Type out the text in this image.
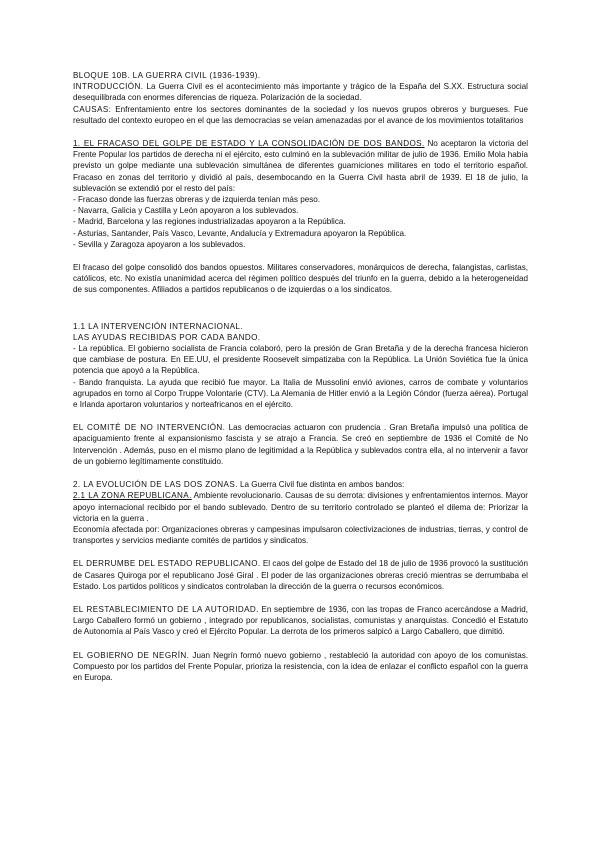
BLOQUE 10B. LA GUERRA CIVIL (1936-1939).

INTRODUCCIÓN. La Guerra Civil es el acontecimiento más importante y trágico de la España del S.XX. Estructura social desequilibrada con enormes diferencias de riqueza. Polarización de la sociedad.

CAUSAS: Enfrentamiento entre los sectores dominantes de la sociedad y los nuevos grupos obreros y burgueses. Fue resultado del contexto europeo en el que las democracias se veían amenazadas por el avance de los movimientos totalitarios

1. EL FRACASO DEL GOLPE DE ESTADO Y LA CONSOLIDACIÓN DE DOS BANDOS. No aceptaron la victoria del Frente Popular los partidos de derecha ni el ejército, esto culminó en la sublevación militar de julio de 1936. Emilio Mola había previsto un golpe mediante una sublevación simultánea de diferentes guarniciones militares en todo el territorio español. Fracaso en zonas del territorio y dividió al país, desembocando en la Guerra Civil hasta abril de 1939. El 18 de julio, la sublevación se extendió por el resto del país:

- Fracaso donde las fuerzas obreras y de izquierda tenían más peso.

- Navarra, Galicia y Castilla y León apoyaron a los sublevados.

- Madrid, Barcelona y las regiones industrializadas apoyaron a la República.

- Asturias, Santander, País Vasco, Levante, Andalucía y Extremadura apoyaron la República.

- Sevilla y Zaragoza apoyaron a los sublevados.

El fracaso del golpe consolidó dos bandos opuestos. Militares conservadores, monárquicos de derecha, falangistas, carlistas, católicos, etc. No existía unanimidad acerca del régimen político después del triunfo en la guerra, debido a la heterogeneidad de sus componentes. Afiliados a partidos republicanos o de izquierdas o a los sindicatos.

1.1 LA INTERVENCIÓN INTERNACIONAL.

LAS AYUDAS RECIBIDAS POR CADA BANDO.

- La república. El gobierno socialista de Francia colaboró, pero la presión de Gran Bretaña y de la derecha francesa hicieron que cambiase de postura. En EE.UU, el presidente Roosevelt simpatizaba con la República. La Unión Soviética fue la única potencia que apoyó a la República.

- Bando franquista. La ayuda que recibió fue mayor. La Italia de Mussolini envió aviones, carros de combate y voluntarios agrupados en torno al Corpo Truppe Volontarie (CTV). La Alemania de Hitler envió a la Legión Cóndor (fuerza aérea). Portugal e Irlanda aportaron voluntarios y norteafricanos en el ejército.

EL COMITÉ DE NO INTERVENCIÓN. Las democracias actuaron con prudencia . Gran Bretaña impulsó una política de apaciguamiento frente al expansionismo fascista y se atrajo a Francia. Se creó en septiembre de 1936 el Comité de No Intervención . Además, puso en el mismo plano de legitimidad a la República y sublevados contra ella, al no intervenir a favor de un gobierno legítimamente constituido.

2. LA EVOLUCIÓN DE LAS DOS ZONAS. La Guerra Civil fue distinta en ambos bandos:

2.1 LA ZONA REPUBLICANA. Ambiente revolucionario. Causas de su derrota: divisiones y enfrentamientos internos. Mayor apoyo internacional recibido por el bando sublevado. Dentro de su territorio controlado se planteó el dilema de: Priorizar la victoria en la guerra .

Economía afectada por: Organizaciones obreras y campesinas impulsaron colectivizaciones de industrias, tierras, y control de transportes y servicios mediante comités de partidos y sindicatos.

EL DERRUMBE DEL ESTADO REPUBLICANO. El caos del golpe de Estado del 18 de julio de 1936 provocó la sustitución de Casares Quiroga por el republicano José Giral . El poder de las organizaciones obreras creció mientras se derrumbaba el Estado. Los partidos políticos y sindicatos controlaban la dirección de la guerra o recursos económicos.

EL RESTABLECIMIENTO DE LA AUTORIDAD. En septiembre de 1936, con las tropas de Franco acercándose a Madrid, Largo Caballero formó un gobierno , integrado por republicanos, socialistas, comunistas y anarquistas. Concedió el Estatuto de Autonomía al País Vasco y creó el Ejército Popular. La derrota de los primeros salpicó a Largo Caballero, que dimitió.

EL GOBIERNO DE NEGRÍN. Juan Negrín formó nuevo gobierno , restableció la autoridad con apoyo de los comunistas. Compuesto por los partidos del Frente Popular, prioriza la resistencia, con la idea de enlazar el conflicto español con la guerra en Europa.
